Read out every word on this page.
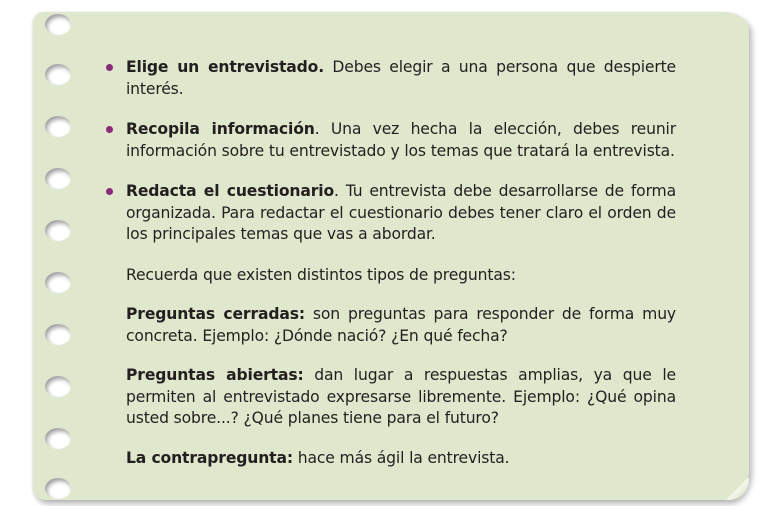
Elige un entrevistado. Debes elegir a una persona que despierte interés.

Recopila información. Una vez hecha la elección, debes reunir información sobre tu entrevistado y los temas que tratará la entrevista.

Redacta el cuestionario. Tu entrevista debe desarrollarse de forma organizada. Para redactar el cuestionario debes tener claro el orden de los principales temas que vas a abordar.

Recuerda que existen distintos tipos de preguntas:

Preguntas cerradas: son preguntas para responder de forma muy concreta. Ejemplo: ¿Dónde nació? ¿En qué fecha?

Preguntas abiertas: dan lugar a respuestas amplias, ya que le permiten al entrevistado expresarse libremente. Ejemplo: ¿Qué opina usted sobre...? ¿Qué planes tiene para el futuro?

La contrapregunta: hace más ágil la entrevista.
